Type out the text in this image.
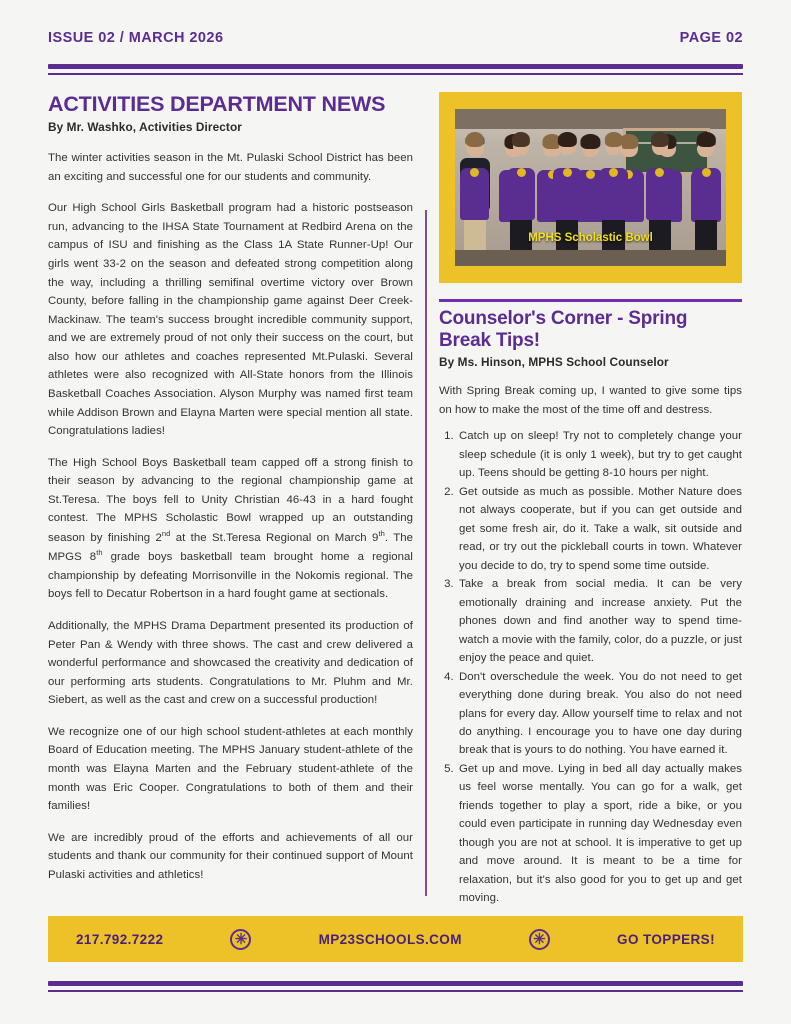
ISSUE 02 / MARCH 2026	PAGE 02
ACTIVITIES DEPARTMENT NEWS
By Mr. Washko, Activities Director

The winter activities season in the Mt. Pulaski School District has been an exciting and successful one for our students and community.

Our High School Girls Basketball program had a historic postseason run, advancing to the IHSA State Tournament at Redbird Arena on the campus of ISU and finishing as the Class 1A State Runner-Up! Our girls went 33-2 on the season and defeated strong competition along the way, including a thrilling semifinal overtime victory over Brown County, before falling in the championship game against Deer Creek-Mackinaw. The team's success brought incredible community support, and we are extremely proud of not only their success on the court, but also how our athletes and coaches represented Mt.Pulaski. Several athletes were also recognized with All-State honors from the Illinois Basketball Coaches Association. Alyson Murphy was named first team while Addison Brown and Elayna Marten were special mention all state. Congratulations ladies!

The High School Boys Basketball team capped off a strong finish to their season by advancing to the regional championship game at St.Teresa. The boys fell to Unity Christian 46-43 in a hard fought contest. The MPHS Scholastic Bowl wrapped up an outstanding season by finishing 2nd at the St.Teresa Regional on March 9th. The MPGS 8th grade boys basketball team brought home a regional championship by defeating Morrisonville in the Nokomis regional. The boys fell to Decatur Robertson in a hard fought game at sectionals.

Additionally, the MPHS Drama Department presented its production of Peter Pan & Wendy with three shows. The cast and crew delivered a wonderful performance and showcased the creativity and dedication of our performing arts students. Congratulations to Mr. Pluhm and Mr. Siebert, as well as the cast and crew on a successful production!

We recognize one of our high school student-athletes at each monthly Board of Education meeting. The MPHS January student-athlete of the month was Elayna Marten and the February student-athlete of the month was Eric Cooper. Congratulations to both of them and their families!

We are incredibly proud of the efforts and achievements of all our students and thank our community for their continued support of Mount Pulaski activities and athletics!

MPHS Scholastic Bowl
Counselor's Corner - Spring Break Tips!
By Ms. Hinson, MPHS School Counselor

With Spring Break coming up, I wanted to give some tips on how to make the most of the time off and destress.

1. Catch up on sleep! Try not to completely change your sleep schedule (it is only 1 week), but try to get caught up. Teens should be getting 8-10 hours per night.
2. Get outside as much as possible. Mother Nature does not always cooperate, but if you can get outside and get some fresh air, do it. Take a walk, sit outside and read, or try out the pickleball courts in town. Whatever you decide to do, try to spend some time outside.
3. Take a break from social media. It can be very emotionally draining and increase anxiety. Put the phones down and find another way to spend time-watch a movie with the family, color, do a puzzle, or just enjoy the peace and quiet.
4. Don't overschedule the week. You do not need to get everything done during break. You also do not need plans for every day. Allow yourself time to relax and not do anything. I encourage you to have one day during break that is yours to do nothing. You have earned it.
5. Get up and move. Lying in bed all day actually makes us feel worse mentally. You can go for a walk, get friends together to play a sport, ride a bike, or you could even participate in running day Wednesday even though you are not at school. It is imperative to get up and move around. It is meant to be a time for relaxation, but it's also good for you to get up and get moving.
217.792.7222	✳	MP23SCHOOLS.COM	✳	GO TOPPERS!
